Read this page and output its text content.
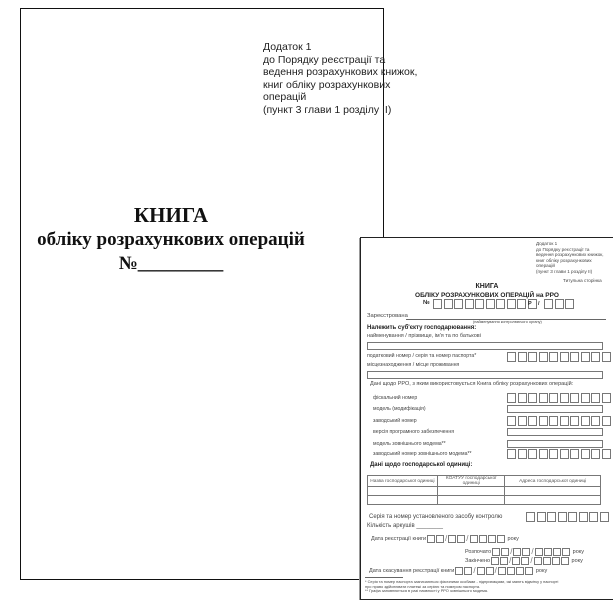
Додаток 1
до Порядку реєстрації та
ведення розрахункових книжок,
книг обліку розрахункових
операцій
(пункт 3 глави 1 розділу II)
КНИГА
обліку розрахункових операцій
№_________
Додаток 1
до Порядку реєстрації та
ведення розрахункових книжок,
книг обліку розрахункових
операцій
(пункт 3 глави 1 розділу II)
Титульна сторінка
КНИГА
ОБЛІКУ РОЗРАХУНКОВИХ ОПЕРАЦІЙ на РРО
№	Р /
Зареєстрована
(найменування контролюючого органу)
Належить суб'єкту господарювання:
найменування / прізвище, ім'я та по батькові
податковий номер / серія та номер паспорта*
місцезнаходження / місце проживання
Дані щодо РРО, з яким використовується Книга обліку розрахункових операцій:
фіскальний номер
модель (модифікація)
заводський номер
версія програмного забезпечення
модель зовнішнього модема**
заводський номер зовнішнього модема**
Дані щодо господарської одиниці:
Назва господарської одиниці	КОАТУУ господарської одиниці	Адреса господарської одиниці

Серія та номер установленого засобу контролю
Кількість аркушів ________
Дата реєстрації книги / /	року
Розпочато / /	року
Закінчено / /	року
Дата скасування реєстрації книги / /	року
* Серія та номер паспорта зазначаються фізичними особами - підприємцями, які мають відмітку у паспорті
про право здійснювати платежі за серією та номером паспорта.
** Графа заповнюється в разі наявності у РРО зовнішнього модема.
